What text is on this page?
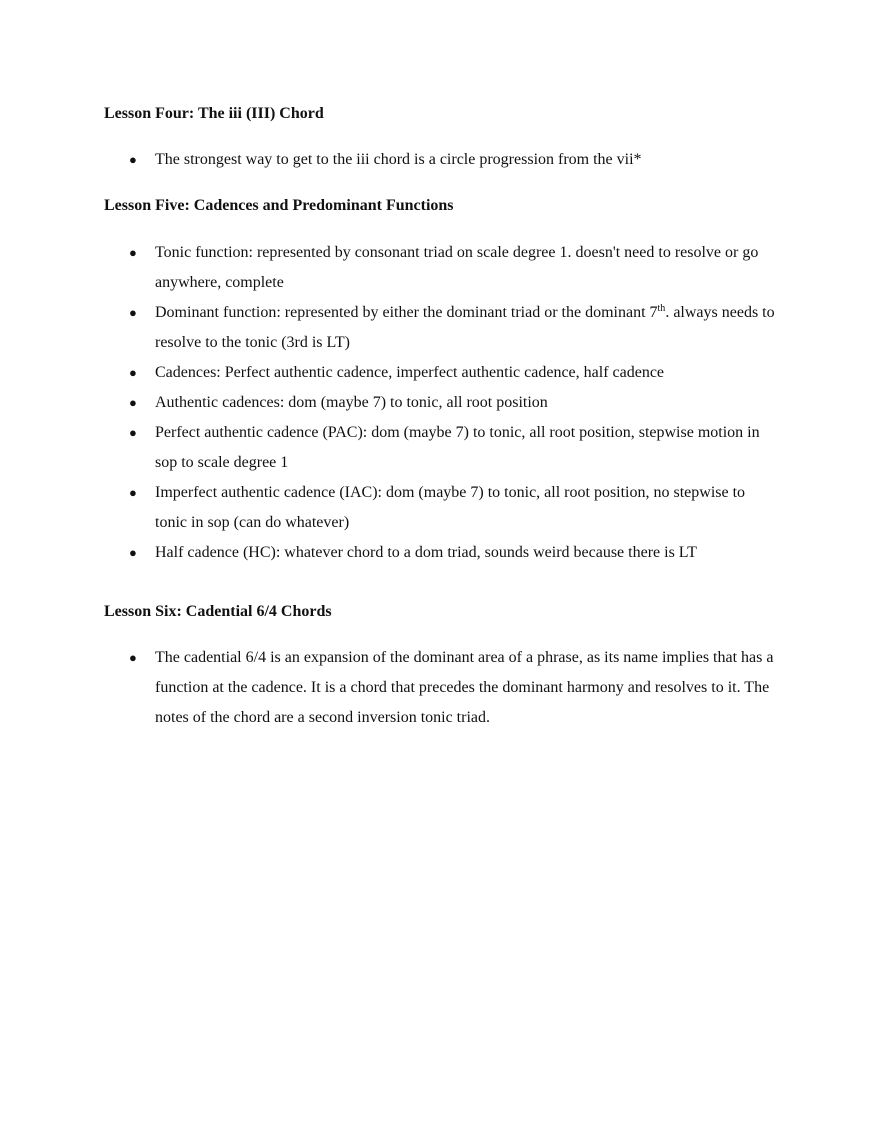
Lesson Four: The iii (III) Chord
● The strongest way to get to the iii chord is a circle progression from the vii*
Lesson Five: Cadences and Predominant Functions
● Tonic function: represented by consonant triad on scale degree 1. doesn't need to resolve or go anywhere, complete
● Dominant function: represented by either the dominant triad or the dominant 7th. always needs to resolve to the tonic (3rd is LT)
● Cadences: Perfect authentic cadence, imperfect authentic cadence, half cadence
● Authentic cadences: dom (maybe 7) to tonic, all root position
● Perfect authentic cadence (PAC): dom (maybe 7) to tonic, all root position, stepwise motion in sop to scale degree 1
● Imperfect authentic cadence (IAC): dom (maybe 7) to tonic, all root position, no stepwise to tonic in sop (can do whatever)
● Half cadence (HC): whatever chord to a dom triad, sounds weird because there is LT
Lesson Six: Cadential 6/4 Chords
● The cadential 6/4 is an expansion of the dominant area of a phrase, as its name implies that has a function at the cadence. It is a chord that precedes the dominant harmony and resolves to it. The notes of the chord are a second inversion tonic triad.
